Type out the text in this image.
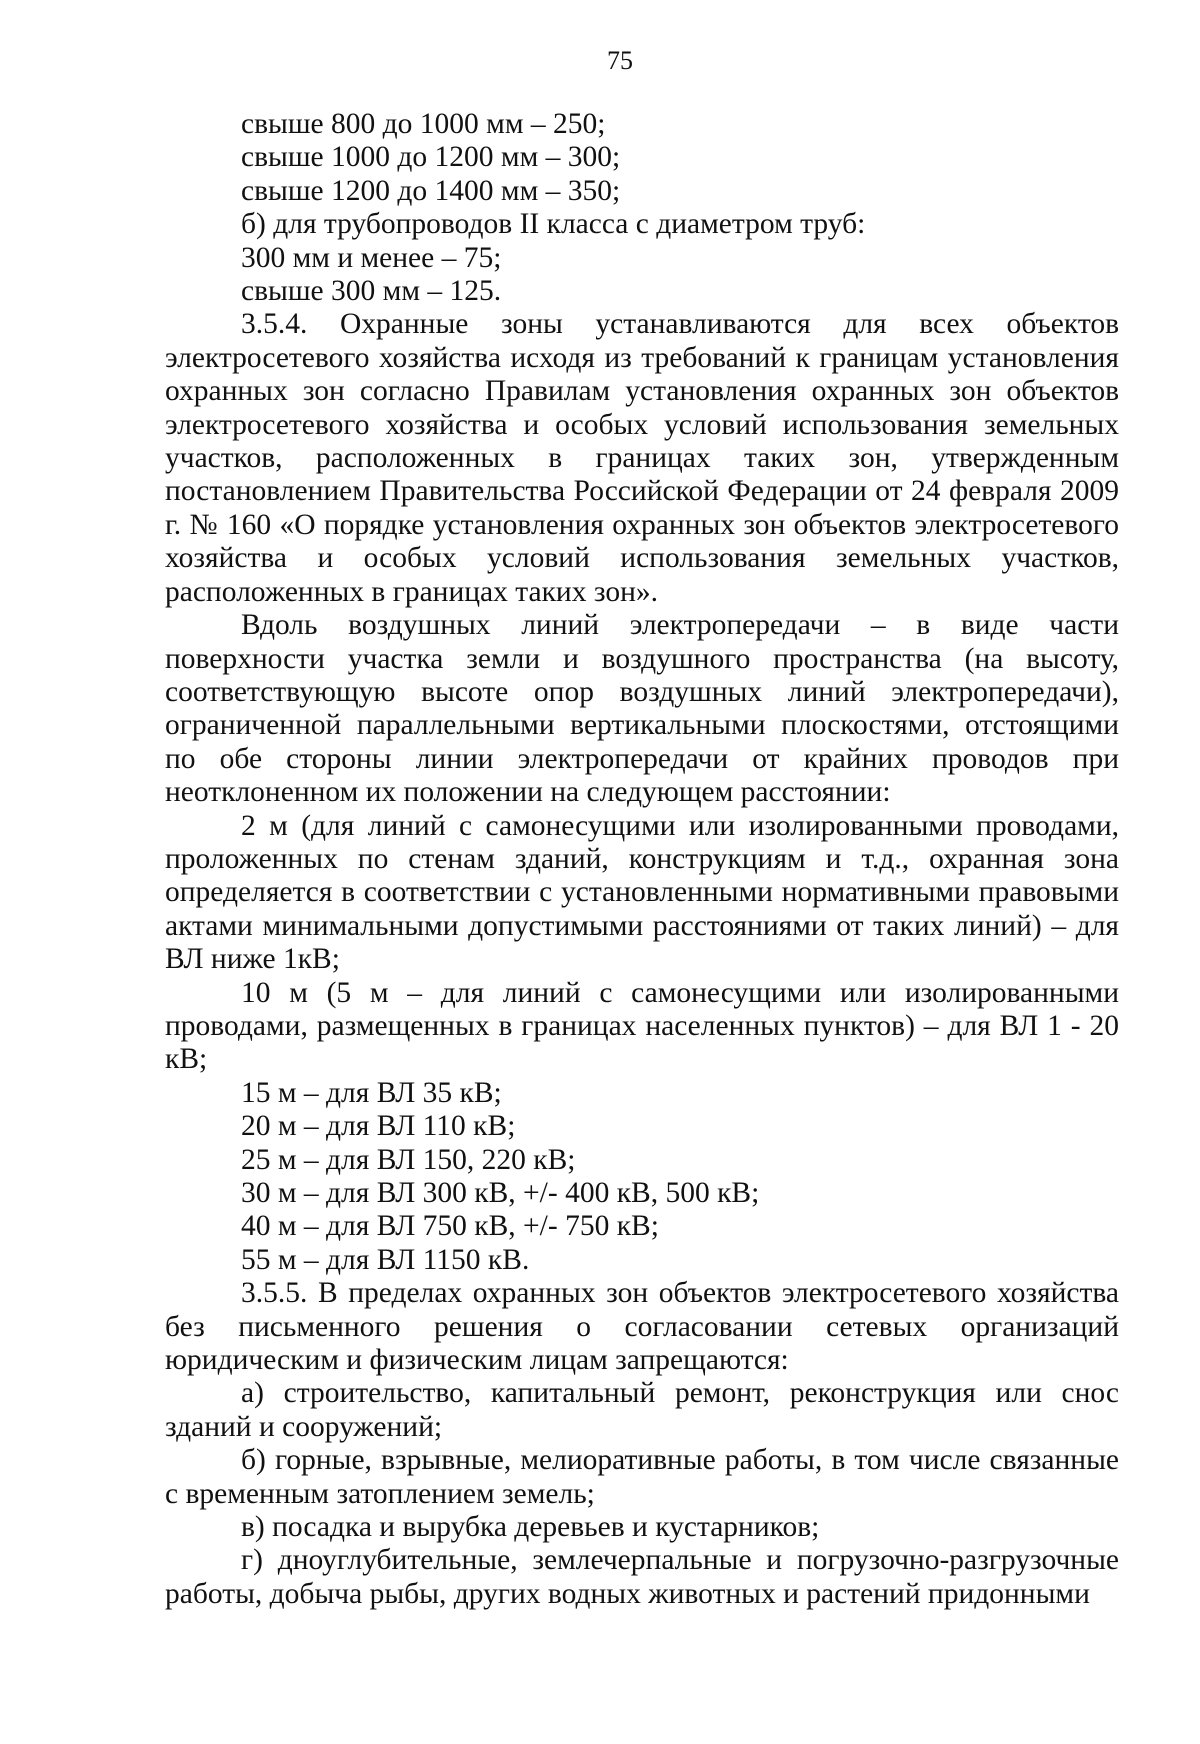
75

свыше 800 до 1000 мм – 250;

свыше 1000 до 1200 мм – 300;

свыше 1200 до 1400 мм – 350;

б) для трубопроводов II класса с диаметром труб:

300 мм и менее – 75;

свыше 300 мм – 125.

3.5.4. Охранные зоны устанавливаются для всех объектов электросетевого хозяйства исходя из требований к границам установления охранных зон согласно Правилам установления охранных зон объектов электросетевого хозяйства и особых условий использования земельных участков, расположенных в границах таких зон, утвержденным постановлением Правительства Российской Федерации от 24 февраля 2009 г. № 160 «О порядке установления охранных зон объектов электросетевого хозяйства и особых условий использования земельных участков, расположенных в границах таких зон».

Вдоль воздушных линий электропередачи – в виде части поверхности участка земли и воздушного пространства (на высоту, соответствующую высоте опор воздушных линий электропередачи), ограниченной параллельными вертикальными плоскостями, отстоящими по обе стороны линии электропередачи от крайних проводов при неотклоненном их положении на следующем расстоянии:

2 м (для линий с самонесущими или изолированными проводами, проложенных по стенам зданий, конструкциям и т.д., охранная зона определяется в соответствии с установленными нормативными правовыми актами минимальными допустимыми расстояниями от таких линий) – для ВЛ ниже 1кВ;

10 м (5 м – для линий с самонесущими или изолированными проводами, размещенных в границах населенных пунктов) – для ВЛ 1 - 20 кВ;

15 м – для ВЛ 35 кВ;

20 м – для ВЛ 110 кВ;

25 м – для ВЛ 150, 220 кВ;

30 м – для ВЛ 300 кВ, +/- 400 кВ, 500 кВ;

40 м – для ВЛ 750 кВ, +/- 750 кВ;

55 м – для ВЛ 1150 кВ.

3.5.5. В пределах охранных зон объектов электросетевого хозяйства без письменного решения о согласовании сетевых организаций юридическим и физическим лицам запрещаются:

а) строительство, капитальный ремонт, реконструкция или снос зданий и сооружений;

б) горные, взрывные, мелиоративные работы, в том числе связанные с временным затоплением земель;

в) посадка и вырубка деревьев и кустарников;

г) дноуглубительные, землечерпальные и погрузочно-разгрузочные работы, добыча рыбы, других водных животных и растений придонными
